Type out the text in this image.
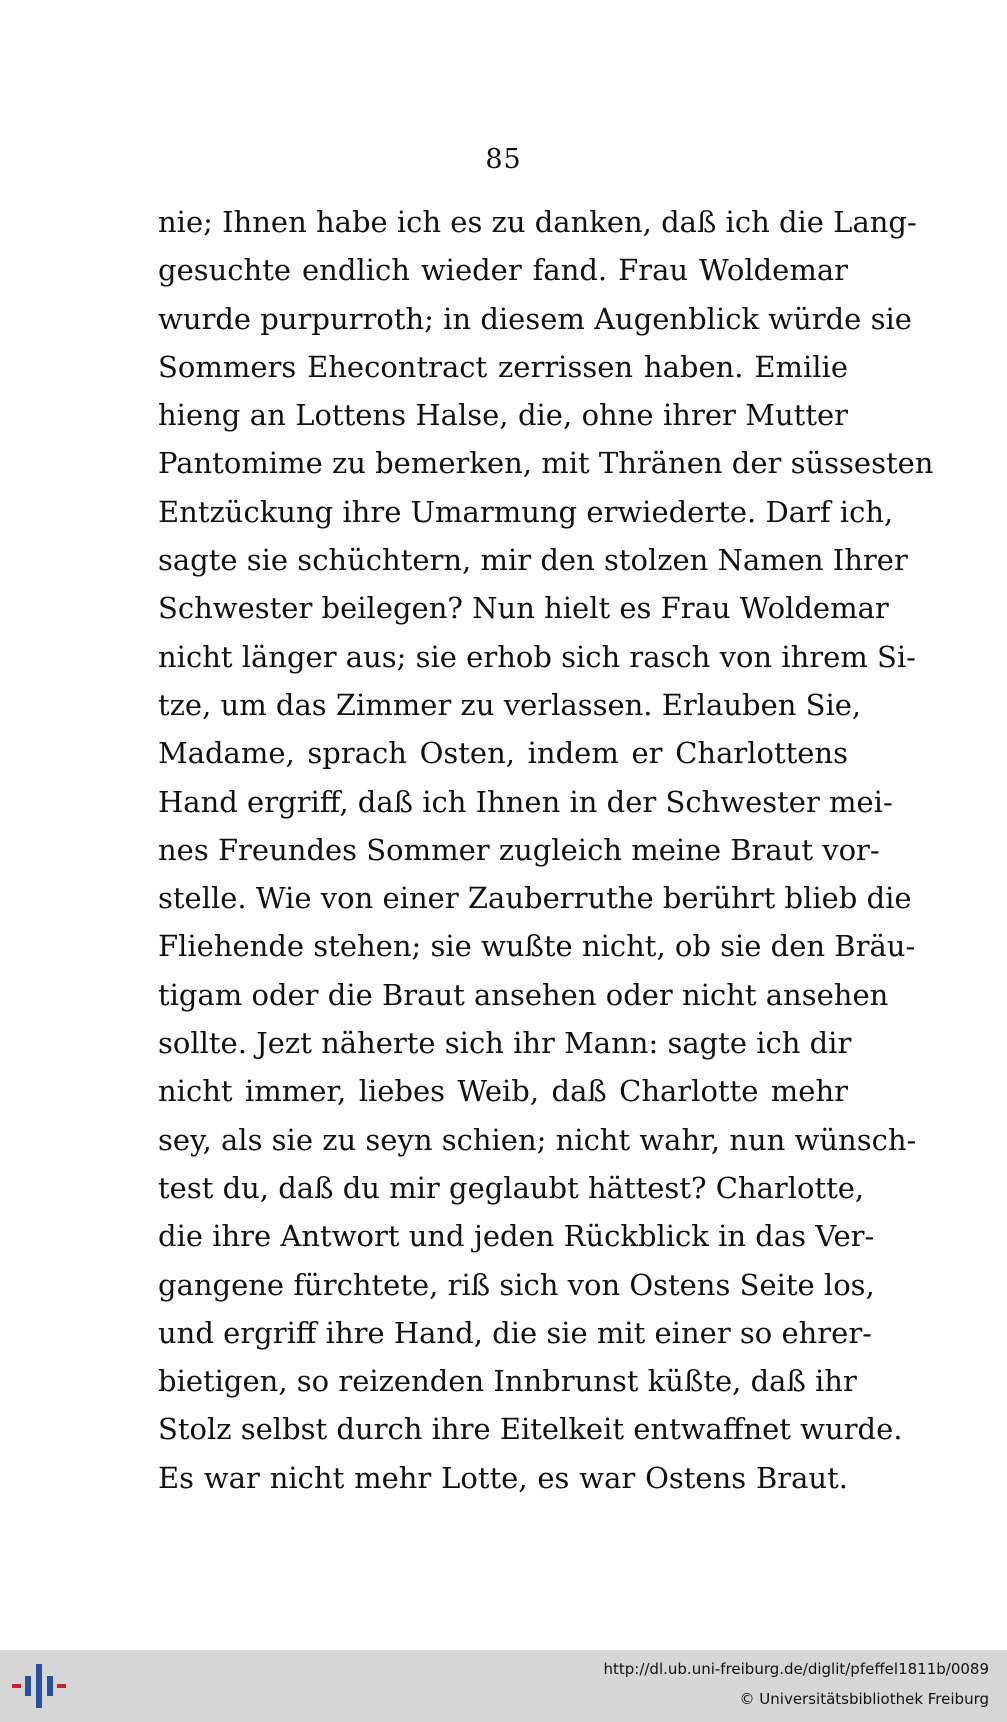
85
nie; Ihnen habe ich es zu danken, daß ich die Lang-
gesuchte endlich wieder fand. Frau Woldemar
wurde purpurroth; in diesem Augenblick würde sie
Sommers Ehecontract zerrissen haben. Emilie
hieng an Lottens Halse, die, ohne ihrer Mutter
Pantomime zu bemerken, mit Thränen der süssesten
Entzückung ihre Umarmung erwiederte. Darf ich,
sagte sie schüchtern, mir den stolzen Namen Ihrer
Schwester beilegen? Nun hielt es Frau Woldemar
nicht länger aus; sie erhob sich rasch von ihrem Si-
tze, um das Zimmer zu verlassen. Erlauben Sie,
Madame, sprach Osten, indem er Charlottens
Hand ergriff, daß ich Ihnen in der Schwester mei-
nes Freundes Sommer zugleich meine Braut vor-
stelle. Wie von einer Zauberruthe berührt blieb die
Fliehende stehen; sie wußte nicht, ob sie den Bräu-
tigam oder die Braut ansehen oder nicht ansehen
sollte. Jezt näherte sich ihr Mann: sagte ich dir
nicht immer, liebes Weib, daß Charlotte mehr
sey, als sie zu seyn schien; nicht wahr, nun wünsch-
test du, daß du mir geglaubt hättest? Charlotte,
die ihre Antwort und jeden Rückblick in das Ver-
gangene fürchtete, riß sich von Ostens Seite los,
und ergriff ihre Hand, die sie mit einer so ehrer-
bietigen, so reizenden Innbrunst küßte, daß ihr
Stolz selbst durch ihre Eitelkeit entwaffnet wurde.
Es war nicht mehr Lotte, es war Ostens Braut.
http://dl.ub.uni-freiburg.de/diglit/pfeffel1811b/0089
© Universitätsbibliothek Freiburg
